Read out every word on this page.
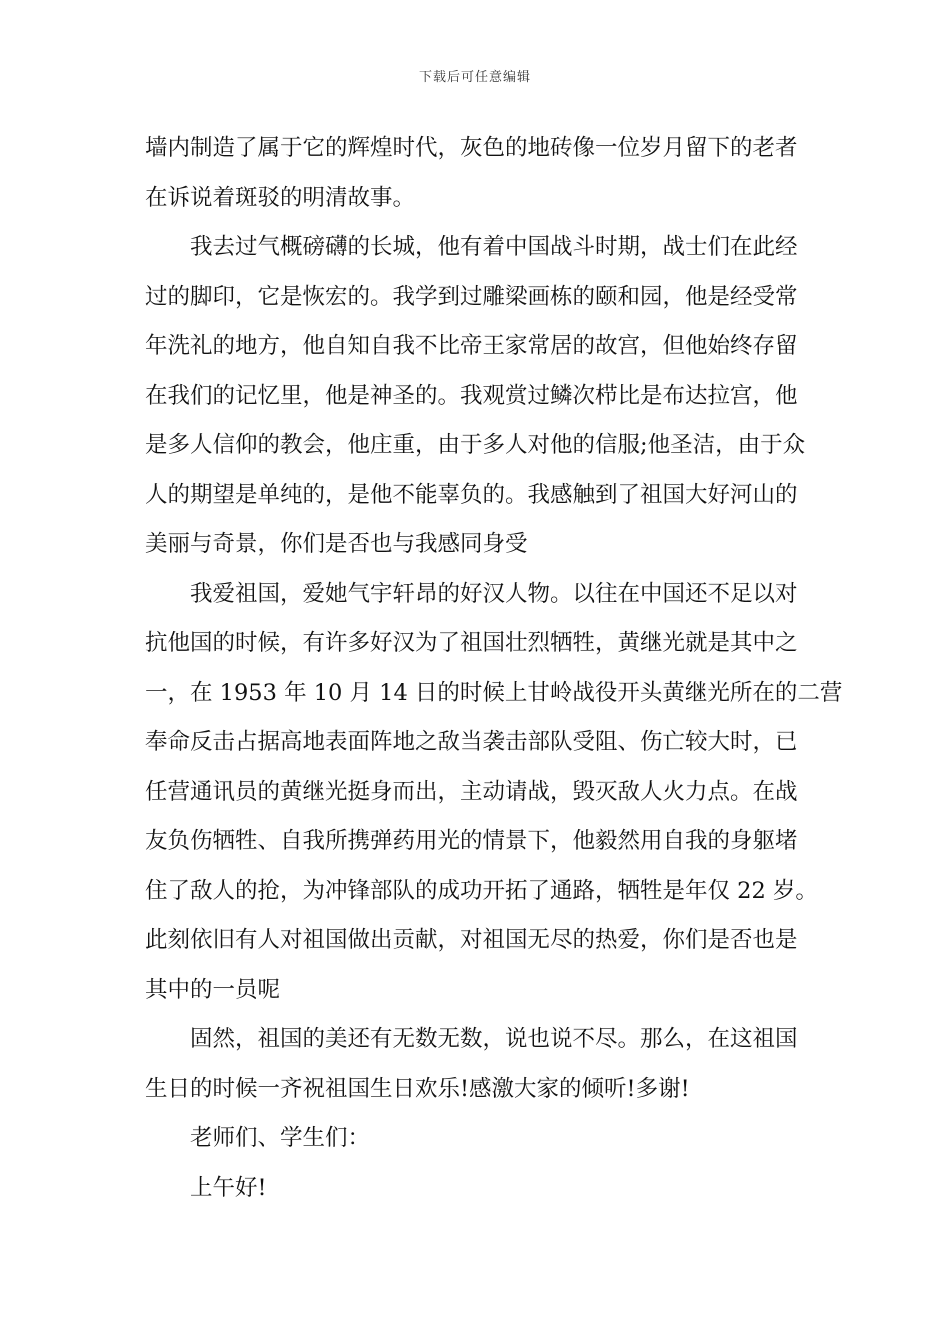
下载后可任意编辑
墙内制造了属于它的辉煌时代，灰色的地砖像一位岁月留下的老者
在诉说着斑驳的明清故事。
我去过气概磅礴的长城，他有着中国战斗时期，战士们在此经
过的脚印，它是恢宏的。我学到过雕梁画栋的颐和园，他是经受常
年洗礼的地方，他自知自我不比帝王家常居的故宫，但他始终存留
在我们的记忆里，他是神圣的。我观赏过鳞次栉比是布达拉宫，他
是多人信仰的教会，他庄重，由于多人对他的信服;他圣洁，由于众
人的期望是单纯的，是他不能辜负的。我感触到了祖国大好河山的
美丽与奇景，你们是否也与我感同身受
我爱祖国，爱她气宇轩昂的好汉人物。以往在中国还不足以对
抗他国的时候，有许多好汉为了祖国壮烈牺牲，黄继光就是其中之
一，在 1953 年 10 月 14 日的时候上甘岭战役开头黄继光所在的二营
奉命反击占据高地表面阵地之敌当袭击部队受阻、伤亡较大时，已
任营通讯员的黄继光挺身而出，主动请战，毁灭敌人火力点。在战
友负伤牺牲、自我所携弹药用光的情景下，他毅然用自我的身躯堵
住了敌人的抢，为冲锋部队的成功开拓了通路，牺牲是年仅 22 岁。
此刻依旧有人对祖国做出贡献，对祖国无尽的热爱，你们是否也是
其中的一员呢
固然，祖国的美还有无数无数，说也说不尽。那么，在这祖国
生日的时候一齐祝祖国生日欢乐!感激大家的倾听!多谢!
老师们、学生们：
上午好!
